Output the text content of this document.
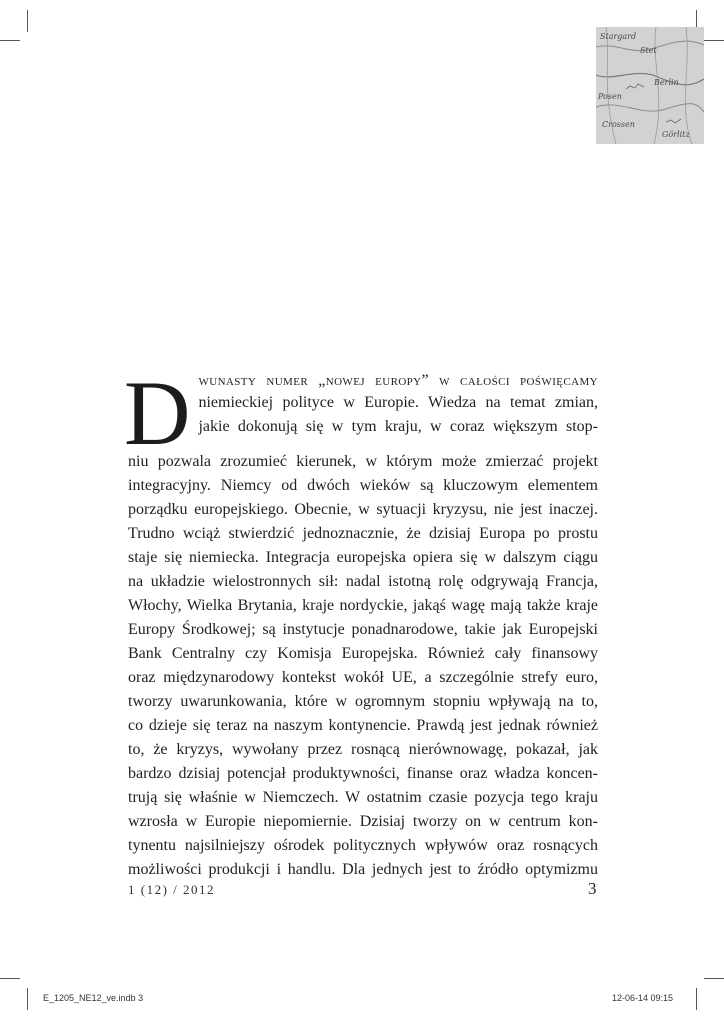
Stargard
Stet
Posen
Crossen
Berlin
Görlitz
D wunasty numer „nowej europy” w całości poświęcamy
niemieckiej polityce w Europie. Wiedza na temat zmian,
jakie dokonują się w tym kraju, w coraz większym stop-
niu pozwala zrozumieć kierunek, w którym może zmierzać projekt
integracyjny. Niemcy od dwóch wieków są kluczowym elementem
porządku europejskiego. Obecnie, w sytuacji kryzysu, nie jest inaczej.
Trudno wciąż stwierdzić jednoznacznie, że dzisiaj Europa po prostu
staje się niemiecka. Integracja europejska opiera się w dalszym ciągu
na układzie wielostronnych sił: nadal istotną rolę odgrywają Francja,
Włochy, Wielka Brytania, kraje nordyckie, jakąś wagę mają także kraje
Europy Środkowej; są instytucje ponadnarodowe, takie jak Europejski
Bank Centralny czy Komisja Europejska. Również cały finansowy
oraz międzynarodowy kontekst wokół UE, a szczególnie strefy euro,
tworzy uwarunkowania, które w ogromnym stopniu wpływają na to,
co dzieje się teraz na naszym kontynencie. Prawdą jest jednak również
to, że kryzys, wywołany przez rosnącą nierównowagę, pokazał, jak
bardzo dzisiaj potencjał produktywności, finanse oraz władza koncen-
trują się właśnie w Niemczech. W ostatnim czasie pozycja tego kraju
wzrosła w Europie niepomiernie. Dzisiaj tworzy on w centrum kon-
tynentu najsilniejszy ośrodek politycznych wpływów oraz rosnących
możliwości produkcji i handlu. Dla jednych jest to źródło optymizmu
1 (12) / 2012	3
E_1205_NE12_ve.indb 3	12-06-14 09:15
